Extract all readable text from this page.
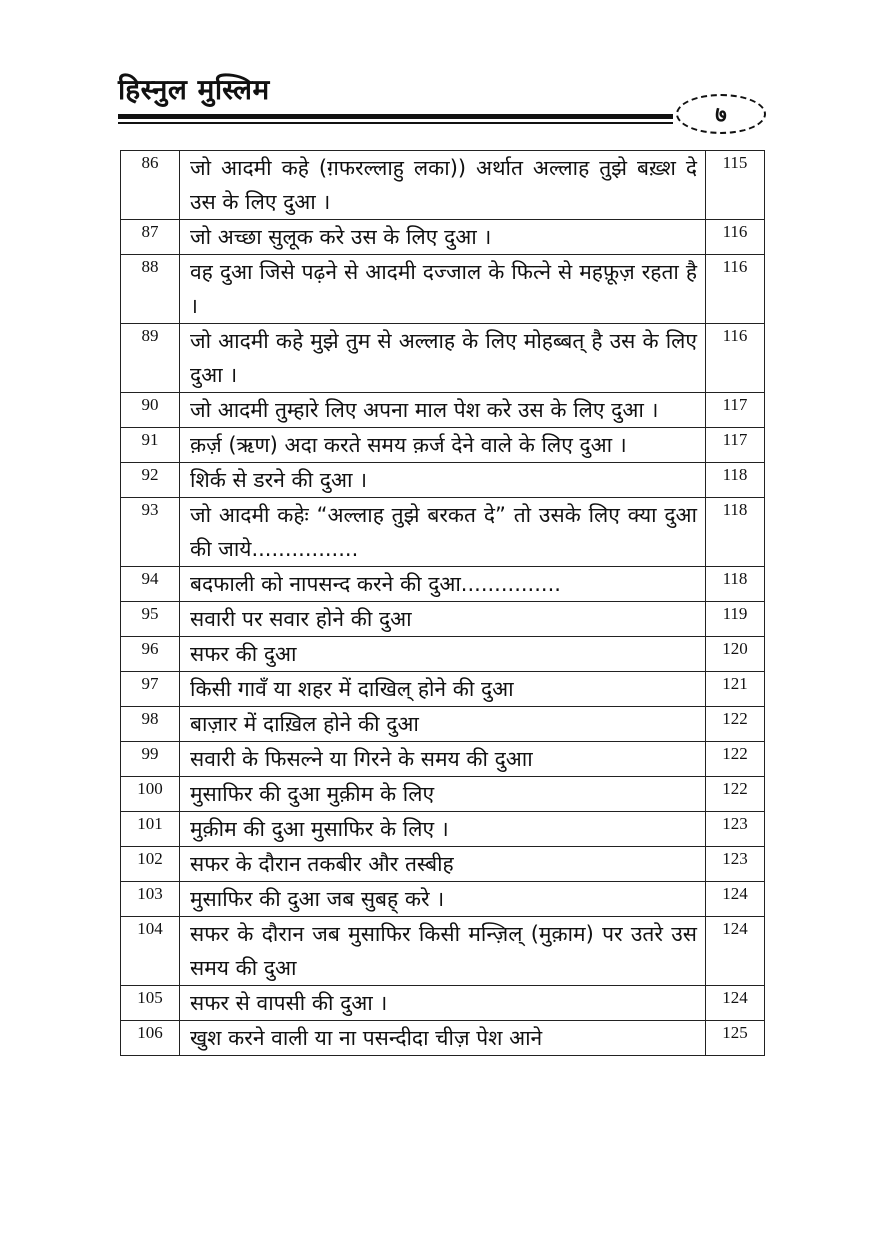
हिस्नुल मुस्लिम
७
86	जो आदमी कहे (ग़फरल्लाहु लका)) अर्थात अल्लाह तुझे बख़्श दे उस के लिए दुआ ।	115
87	जो अच्छा सुलूक करे उस के लिए दुआ ।	116
88	वह दुआ जिसे पढ़ने से आदमी दज्जाल के फित्ने से महफ़ूज़ रहता है ।	116
89	जो आदमी कहे मुझे तुम से अल्लाह के लिए मोहब्बत् है उस के लिए दुआ ।	116
90	जो आदमी तुम्हारे लिए अपना माल पेश करे उस के लिए दुआ ।	117
91	क़र्ज़ (ऋण) अदा करते समय क़र्ज देने वाले के लिए दुआ ।	117
92	शिर्क से डरने की दुआ ।	118
93	जो आदमी कहेः “अल्लाह तुझे बरकत दे” तो उसके लिए क्या दुआ की जाये................	118
94	बदफाली को नापसन्द करने की दुआ...............	118
95	सवारी पर सवार होने की दुआ	119
96	सफर की दुआ	120
97	किसी गावँ या शहर में दाखिल् होने की दुआ	121
98	बाज़ार में दाख़िल होने की दुआ	122
99	सवारी के फिसल्ने या गिरने के समय की दुआा	122
100	मुसाफिर की दुआ मुक़ीम के लिए	122
101	मुक़ीम की दुआ मुसाफिर के लिए ।	123
102	सफर के दौरान तकबीर और तस्बीह	123
103	मुसाफिर की दुआ जब सुबह् करे ।	124
104	सफर के दौरान जब मुसाफिर किसी मन्ज़िल् (मुक़ाम) पर उतरे उस समय की दुआ	124
105	सफर से वापसी की दुआ ।	124
106	खुश करने वाली या ना पसन्दीदा चीज़ पेश आने	125
